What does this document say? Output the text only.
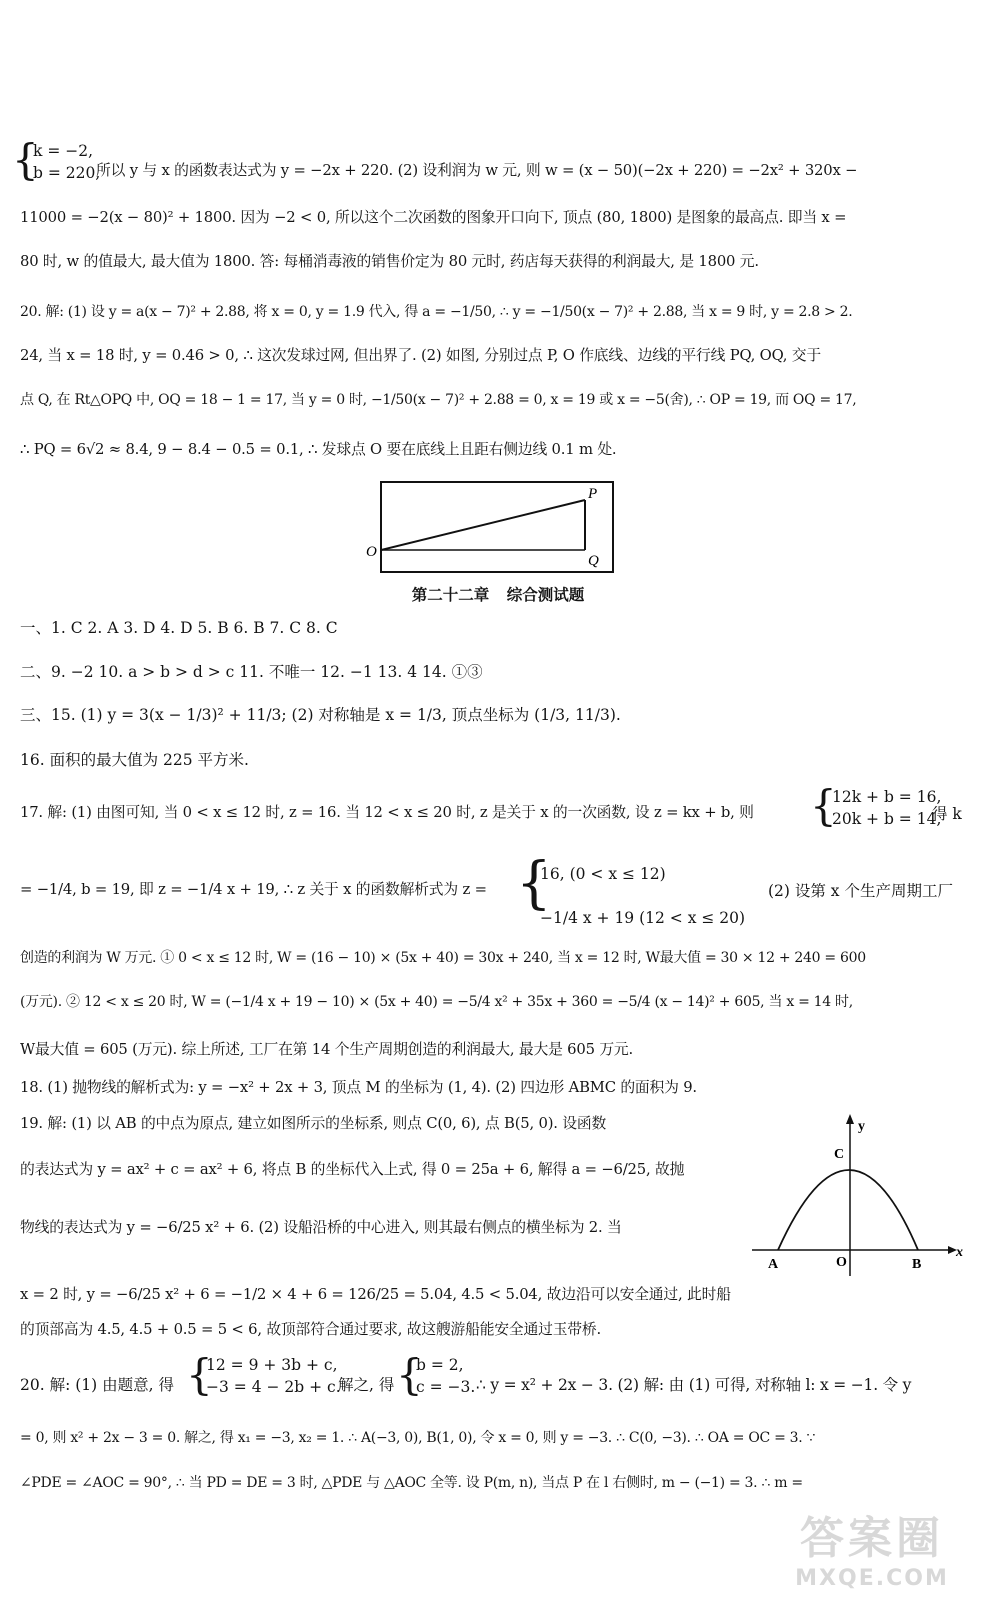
{
k = −2,
b = 220,
所以 y 与 x 的函数表达式为 y = −2x + 220. (2) 设利润为 w 元, 则 w = (x − 50)(−2x + 220) = −2x² + 320x −
11000 = −2(x − 80)² + 1800. 因为 −2 < 0, 所以这个二次函数的图象开口向下, 顶点 (80, 1800) 是图象的最高点. 即当 x =
80 时, w 的值最大, 最大值为 1800. 答: 每桶消毒液的销售价定为 80 元时, 药店每天获得的利润最大, 是 1800 元.
20. 解: (1) 设 y = a(x − 7)² + 2.88, 将 x = 0, y = 1.9 代入, 得 a = −1/50, ∴ y = −1/50(x − 7)² + 2.88, 当 x = 9 时, y = 2.8 > 2.
24, 当 x = 18 时, y = 0.46 > 0, ∴ 这次发球过网, 但出界了. (2) 如图, 分别过点 P, O 作底线、边线的平行线 PQ, OQ, 交于
点 Q, 在 Rt△OPQ 中, OQ = 18 − 1 = 17, 当 y = 0 时, −1/50(x − 7)² + 2.88 = 0, x = 19 或 x = −5(舍), ∴ OP = 19, 而 OQ = 17,
∴ PQ = 6√2 ≈ 8.4, 9 − 8.4 − 0.5 = 0.1, ∴ 发球点 O 要在底线上且距右侧边线 0.1 m 处.
O
P
Q
第二十二章 综合测试题
一、1. C 2. A 3. D 4. D 5. B 6. B 7. C 8. C
二、9. −2 10. a > b > d > c 11. 不唯一 12. −1 13. 4 14. ①③
三、15. (1) y = 3(x − 1/3)² + 11/3; (2) 对称轴是 x = 1/3, 顶点坐标为 (1/3, 11/3).
16. 面积的最大值为 225 平方米.
17. 解: (1) 由图可知, 当 0 < x ≤ 12 时, z = 16. 当 12 < x ≤ 20 时, z 是关于 x 的一次函数, 设 z = kx + b, 则	{
12k + b = 16,
20k + b = 14,
得 k
= −1/4, b = 19, 即 z = −1/4 x + 19, ∴ z 关于 x 的函数解析式为 z = {
16, (0 < x ≤ 12)
−1/4 x + 19 (12 < x ≤ 20)
(2) 设第 x 个生产周期工厂
创造的利润为 W 万元. ① 0 < x ≤ 12 时, W = (16 − 10) × (5x + 40) = 30x + 240, 当 x = 12 时, W最大值 = 30 × 12 + 240 = 600
(万元). ② 12 < x ≤ 20 时, W = (−1/4 x + 19 − 10) × (5x + 40) = −5/4 x² + 35x + 360 = −5/4 (x − 14)² + 605, 当 x = 14 时,
W最大值 = 605 (万元). 综上所述, 工厂在第 14 个生产周期创造的利润最大, 最大是 605 万元.
18. (1) 抛物线的解析式为: y = −x² + 2x + 3, 顶点 M 的坐标为 (1, 4). (2) 四边形 ABMC 的面积为 9.
19. 解: (1) 以 AB 的中点为原点, 建立如图所示的坐标系, 则点 C(0, 6), 点 B(5, 0). 设函数
的表达式为 y = ax² + c = ax² + 6, 将点 B 的坐标代入上式, 得 0 = 25a + 6, 解得 a = −6/25, 故抛
物线的表达式为 y = −6/25 x² + 6. (2) 设船沿桥的中心进入, 则其最右侧点的横坐标为 2. 当
x = 2 时, y = −6/25 x² + 6 = −1/2 × 4 + 6 = 126/25 = 5.04, 4.5 < 5.04, 故边沿可以安全通过, 此时船
的顶部高为 4.5, 4.5 + 0.5 = 5 < 6, 故顶部符合通过要求, 故这艘游船能安全通过玉带桥.
y
x
C
A	O	B
20. 解: (1) 由题意, 得 {
12 = 9 + 3b + c,
−3 = 4 − 2b + c.
解之, 得 {
b = 2,
c = −3. ∴ y = x² + 2x − 3. (2) 解: 由 (1) 可得, 对称轴 l: x = −1. 令 y
= 0, 则 x² + 2x − 3 = 0. 解之, 得 x₁ = −3, x₂ = 1. ∴ A(−3, 0), B(1, 0), 令 x = 0, 则 y = −3. ∴ C(0, −3). ∴ OA = OC = 3. ∵
∠PDE = ∠AOC = 90°, ∴ 当 PD = DE = 3 时, △PDE 与 △AOC 全等. 设 P(m, n), 当点 P 在 l 右侧时, m − (−1) = 3. ∴ m =
答案圈
MXQE.COM
